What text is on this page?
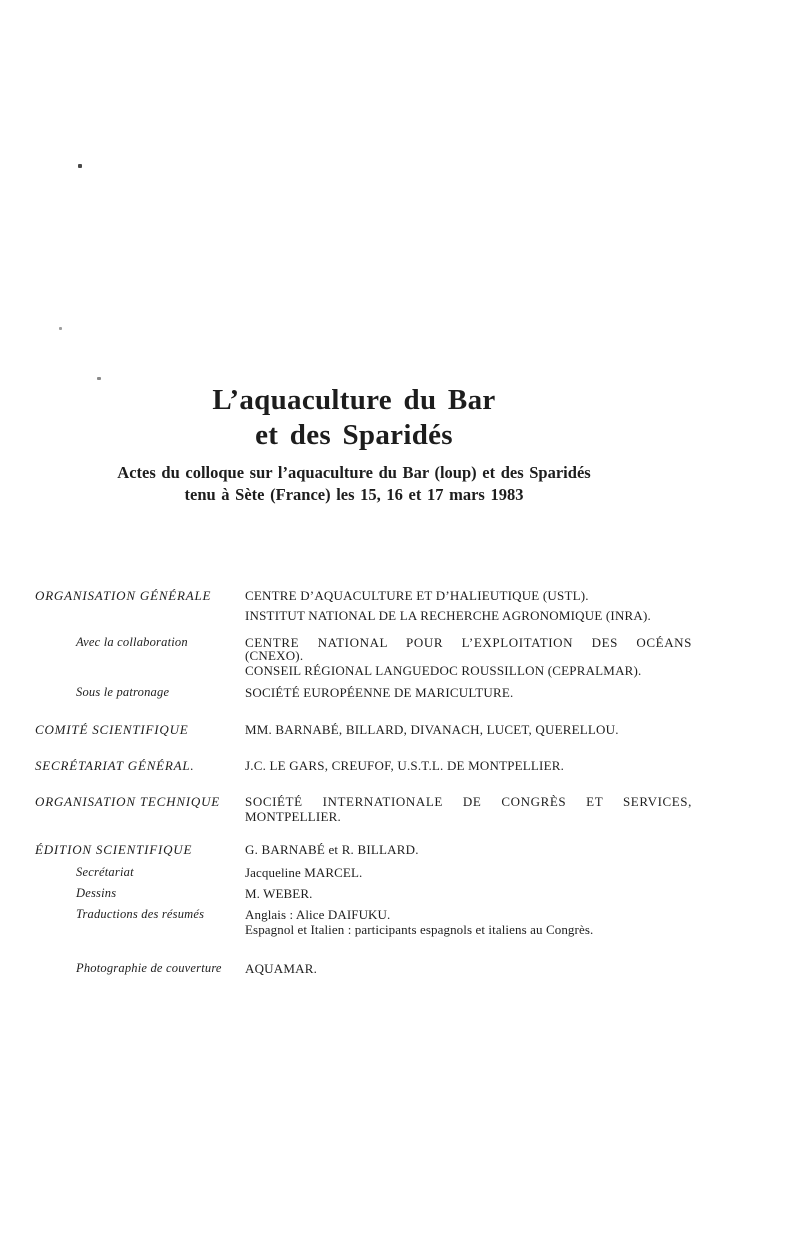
L’aquaculture du Bar
et des Sparidés
Actes du colloque sur l’aquaculture du Bar (loup) et des Sparidés
tenu à Sète (France) les 15, 16 et 17 mars 1983
ORGANISATION GÉNÉRALE	CENTRE D’AQUACULTURE ET D’HALIEUTIQUE (USTL).
INSTITUT NATIONAL DE LA RECHERCHE AGRONOMIQUE (INRA).
Avec la collaboration	CENTRE NATIONAL POUR L’EXPLOITATION DES OCÉANS
(CNEXO).
CONSEIL RÉGIONAL LANGUEDOC ROUSSILLON (CEPRALMAR).
Sous le patronage	SOCIÉTÉ EUROPÉENNE DE MARICULTURE.
COMITÉ SCIENTIFIQUE	MM. BARNABÉ, BILLARD, DIVANACH, LUCET, QUERELLOU.
SECRÉTARIAT GÉNÉRAL.	J.C. LE GARS, CREUFOF, U.S.T.L. DE MONTPELLIER.
ORGANISATION TECHNIQUE	SOCIÉTÉ INTERNATIONALE DE CONGRÈS ET SERVICES,
MONTPELLIER.
ÉDITION SCIENTIFIQUE	G. BARNABÉ et R. BILLARD.
Secrétariat	Jacqueline MARCEL.
Dessins	M. WEBER.
Traductions des résumés	Anglais : Alice DAIFUKU.
Espagnol et Italien : participants espagnols et italiens au Congrès.
Photographie de couverture	AQUAMAR.
